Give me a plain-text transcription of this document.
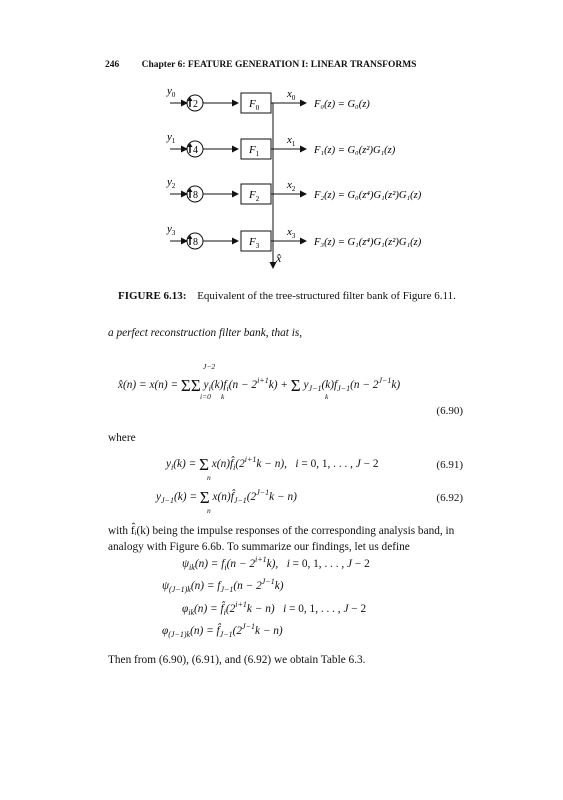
246 Chapter 6: FEATURE GENERATION I: LINEAR TRANSFORMS
$y_0$
2	$F_0$
$x_0$
F₀(z) = G₀(z)
$y_1$
4	$F_1$
$x_1$
F₁(z) = G₀(z²)G₁(z)
$y_2$
8	$F_2$
$x_2$
F₂(z) = G₀(z⁴)G₁(z²)G₁(z)
$y_3$
8	$F_3$
$x_3$
F₃(z) = G₁(z⁴)G₁(z²)G₁(z)
x̂
FIGURE 6.13: Equivalent of the tree-structured filter bank of Figure 6.11.
a perfect reconstruction filter bank, that is,
x̂(n) = x(n) = ΣΣ $y_i(k)f_i(n - 2^{i+1}k) + \Sigma$ $y_{J-1}(k)f_{J-1}(n - 2^{J-1}k)$
J−2
i=0 k	k
(6.90)
where
$y_i(k) = \Sigma$ $x(n)f̂_i(2^{i+1}k - n)$, i = 0, 1, . . . , J − 2
n
(6.91)
$y_{J-1}(k) = \Sigma$ $x(n)f̂_{J-1}(2^{J-1}k - n)$
n
(6.92)
with f̂ᵢ(k) being the impulse responses of the corresponding analysis band, in
analogy with Figure 6.6b. To summarize our findings, let us define
$\psi_{ik}(n) = f_i(n - 2^{i+1}k)$, i = 0, 1, . . . , J − 2
$\psi_{(J-1)k}(n) = f_{J-1}(n - 2^{J-1}k)$
$\varphi_{ik}(n)$ = $f̂_i(2^{i+1}k - n) i = 0$, 1, . . . , J − 2
$\varphi_{(J-1)k}(n)$ = $f̂_{J-1}(2^{J-1}k - n)$
Then from (6.90), (6.91), and (6.92) we obtain Table 6.3.
